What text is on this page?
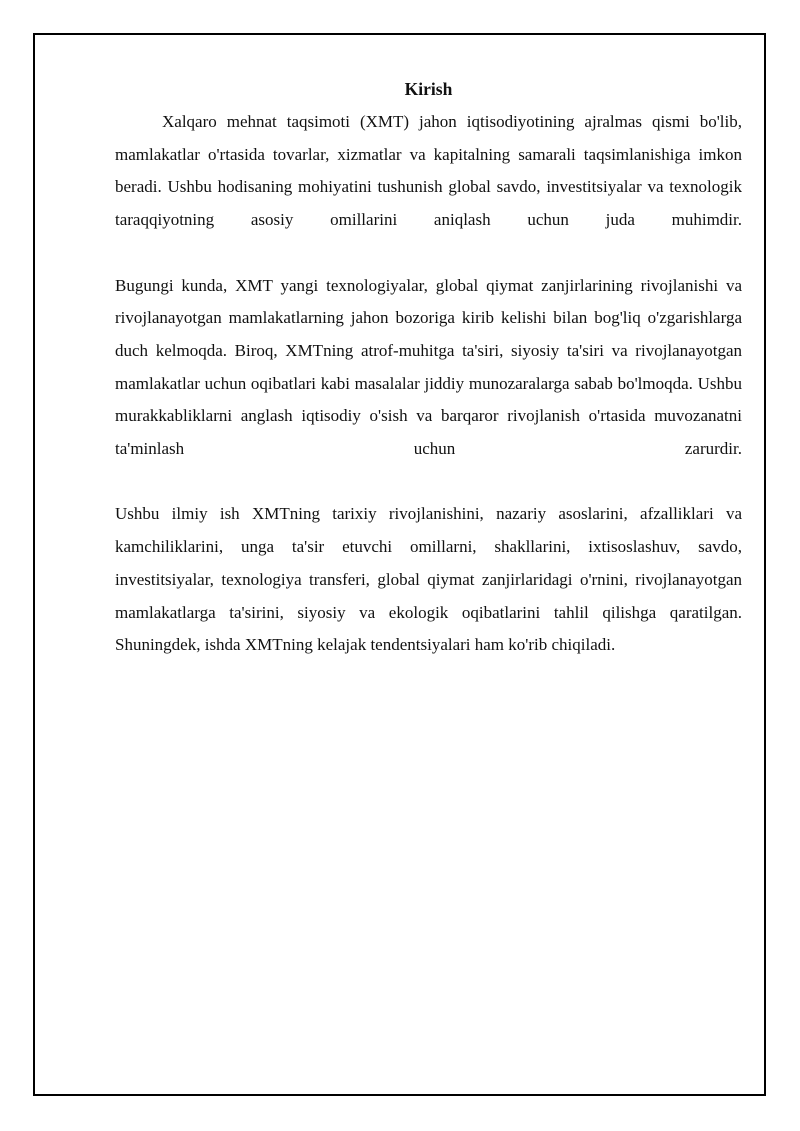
Kirish

Xalqaro mehnat taqsimoti (XMT) jahon iqtisodiyotining ajralmas qismi bo'lib, mamlakatlar o'rtasida tovarlar, xizmatlar va kapitalning samarali taqsimlanishiga imkon beradi. Ushbu hodisaning mohiyatini tushunish global savdo, investitsiyalar va texnologik taraqqiyotning asosiy omillarini aniqlash uchun juda muhimdir.

Bugungi kunda, XMT yangi texnologiyalar, global qiymat zanjirlarining rivojlanishi va rivojlanayotgan mamlakatlarning jahon bozoriga kirib kelishi bilan bog'liq o'zgarishlarga duch kelmoqda. Biroq, XMTning atrof-muhitga ta'siri, siyosiy ta'siri va rivojlanayotgan mamlakatlar uchun oqibatlari kabi masalalar jiddiy munozaralarga sabab bo'lmoqda. Ushbu murakkabliklarni anglash iqtisodiy o'sish va barqaror rivojlanish o'rtasida muvozanatni ta'minlash uchun zarurdir.

Ushbu ilmiy ish XMTning tarixiy rivojlanishini, nazariy asoslarini, afzalliklari va kamchiliklarini, unga ta'sir etuvchi omillarni, shakllarini, ixtisoslashuv, savdo, investitsiyalar, texnologiya transferi, global qiymat zanjirlaridagi o'rnini, rivojlanayotgan mamlakatlarga ta'sirini, siyosiy va ekologik oqibatlarini tahlil qilishga qaratilgan. Shuningdek, ishda XMTning kelajak tendentsiyalari ham ko'rib chiqiladi.
